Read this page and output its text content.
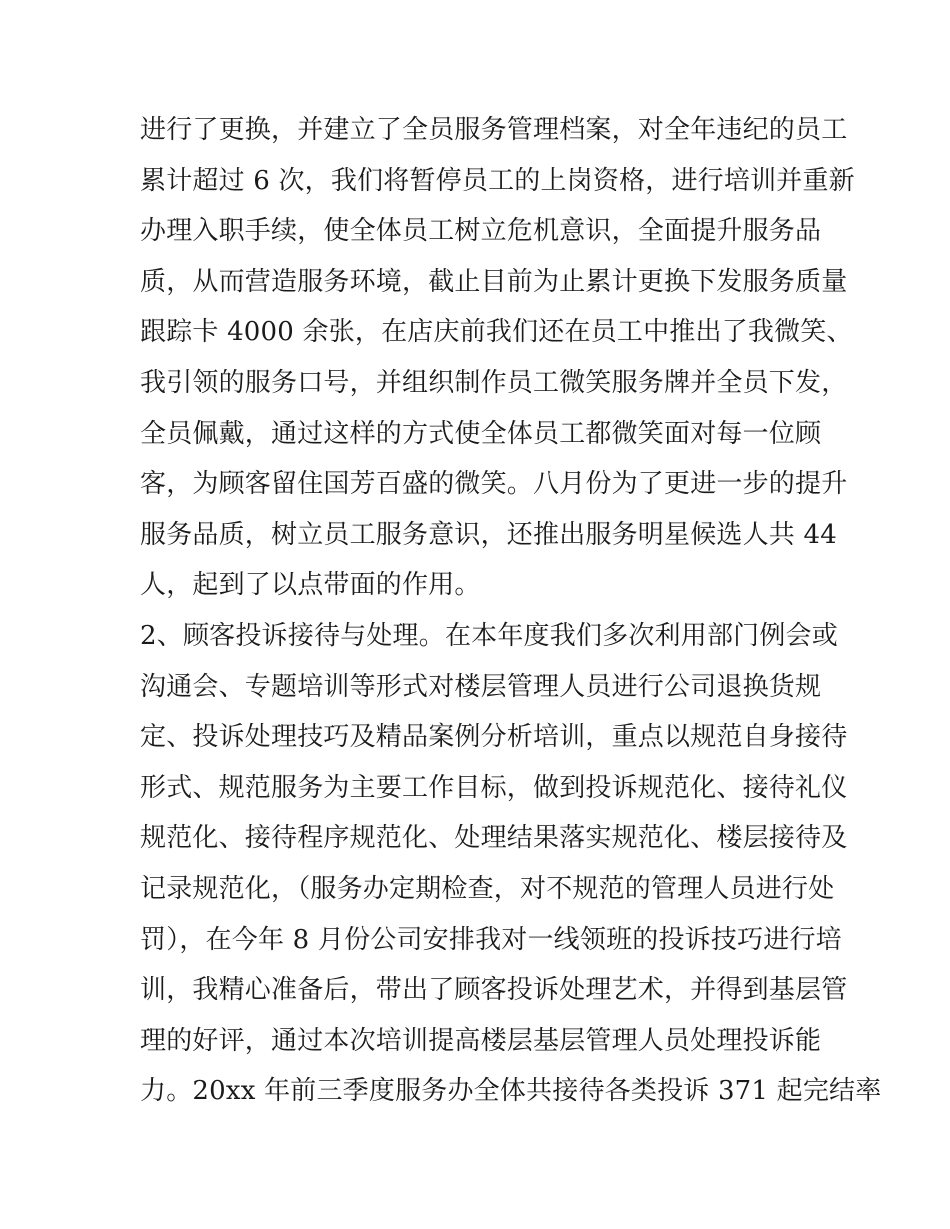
进行了更换，并建立了全员服务管理档案，对全年违纪的员工
累计超过 6 次，我们将暂停员工的上岗资格，进行培训并重新
办理入职手续，使全体员工树立危机意识，全面提升服务品
质，从而营造服务环境，截止目前为止累计更换下发服务质量
跟踪卡 4000 余张，在店庆前我们还在员工中推出了我微笑、
我引领的服务口号，并组织制作员工微笑服务牌并全员下发，
全员佩戴，通过这样的方式使全体员工都微笑面对每一位顾
客，为顾客留住国芳百盛的微笑。八月份为了更进一步的提升
服务品质，树立员工服务意识，还推出服务明星候选人共 44
人，起到了以点带面的作用。
2、顾客投诉接待与处理。在本年度我们多次利用部门例会或
沟通会、专题培训等形式对楼层管理人员进行公司退换货规
定、投诉处理技巧及精品案例分析培训，重点以规范自身接待
形式、规范服务为主要工作目标，做到投诉规范化、接待礼仪
规范化、接待程序规范化、处理结果落实规范化、楼层接待及
记录规范化，（服务办定期检查，对不规范的管理人员进行处
罚），在今年 8 月份公司安排我对一线领班的投诉技巧进行培
训，我精心准备后，带出了顾客投诉处理艺术，并得到基层管
理的好评，通过本次培训提高楼层基层管理人员处理投诉能
力。20xx 年前三季度服务办全体共接待各类投诉 371 起完结率
